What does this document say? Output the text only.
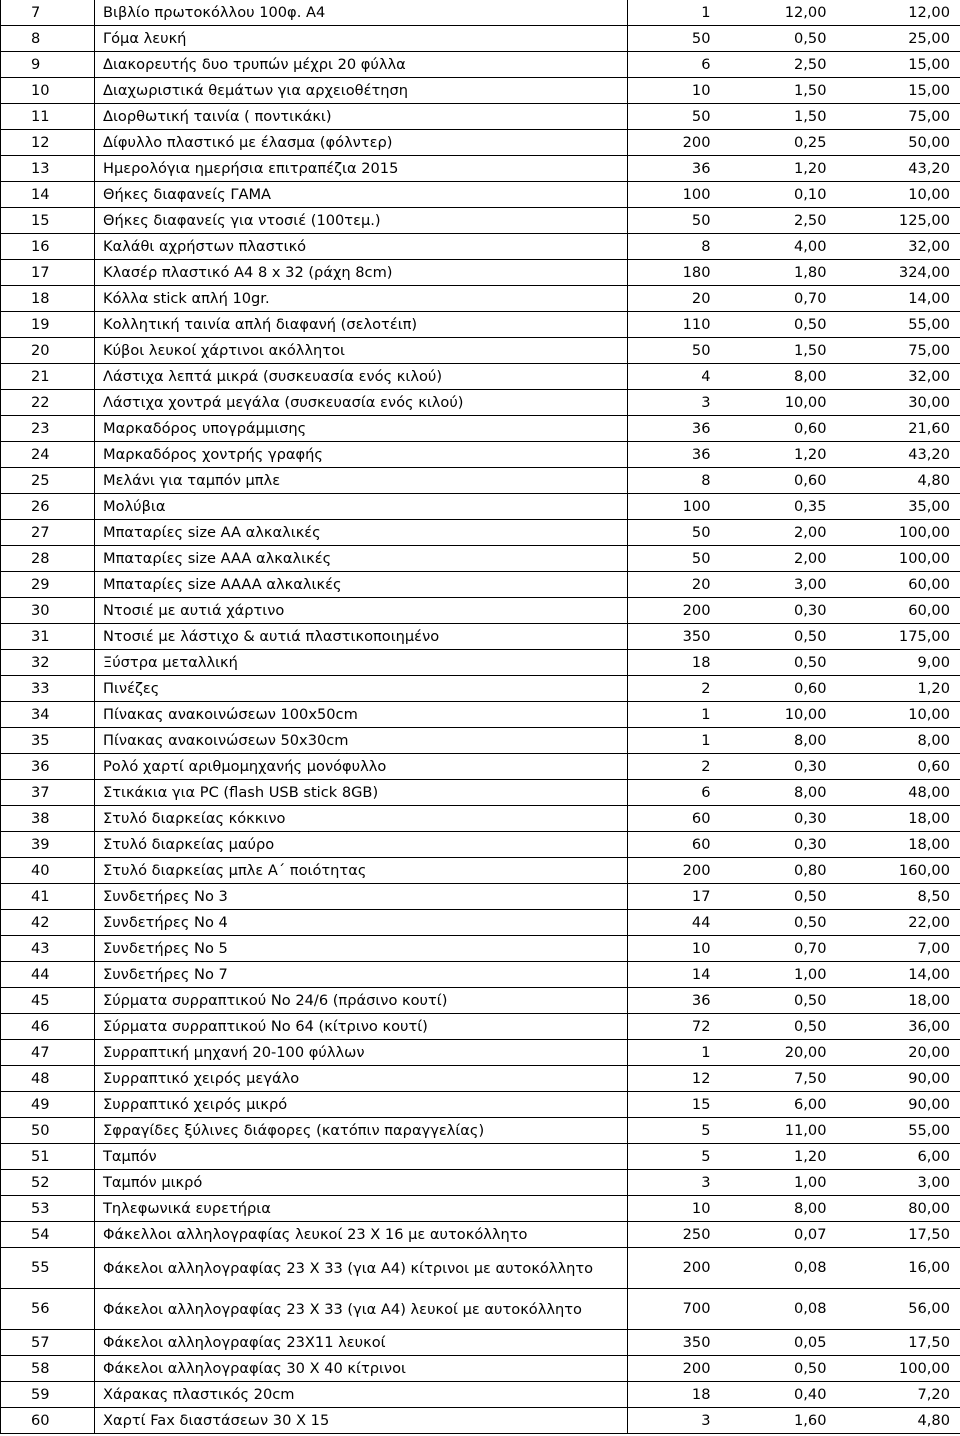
7	Βιβλίο πρωτοκόλλου 100φ. Α4	1	12,00	12,00
8	Γόμα λευκή	50	0,50	25,00
9	Διακορευτής δυο τρυπών μέχρι 20 φύλλα	6	2,50	15,00
10	Διαχωριστικά θεμάτων για αρχειοθέτηση	10	1,50	15,00
11	Διορθωτική ταινία ( ποντικάκι)	50	1,50	75,00
12	Δίφυλλο πλαστικό με έλασμα (φόλντερ)	200	0,25	50,00
13	Ημερολόγια ημερήσια επιτραπέζια 2015	36	1,20	43,20
14	Θήκες διαφανείς ΓΑΜΑ	100	0,10	10,00
15	Θήκες διαφανείς για ντοσιέ (100τεμ.)	50	2,50	125,00
16	Καλάθι αχρήστων πλαστικό	8	4,00	32,00
17	Κλασέρ πλαστικό Α4 8 x 32 (ράχη 8cm)	180	1,80	324,00
18	Κόλλα stick απλή 10gr.	20	0,70	14,00
19	Κολλητική ταινία απλή διαφανή (σελοτέιπ)	110	0,50	55,00
20	Κύβοι λευκοί χάρτινοι ακόλλητοι	50	1,50	75,00
21	Λάστιχα λεπτά μικρά (συσκευασία ενός κιλού)	4	8,00	32,00
22	Λάστιχα χοντρά μεγάλα (συσκευασία ενός κιλού)	3	10,00	30,00
23	Μαρκαδόρος υπογράμμισης	36	0,60	21,60
24	Μαρκαδόρος χοντρής γραφής	36	1,20	43,20
25	Μελάνι για ταμπόν μπλε	8	0,60	4,80
26	Μολύβια	100	0,35	35,00
27	Μπαταρίες size AA αλκαλικές	50	2,00	100,00
28	Μπαταρίες size AAA αλκαλικές	50	2,00	100,00
29	Μπαταρίες size AAAA αλκαλικές	20	3,00	60,00
30	Ντοσιέ με αυτιά χάρτινο	200	0,30	60,00
31	Ντοσιέ με λάστιχο & αυτιά πλαστικοποιημένο	350	0,50	175,00
32	Ξύστρα μεταλλική	18	0,50	9,00
33	Πινέζες	2	0,60	1,20
34	Πίνακας ανακοινώσεων 100x50cm	1	10,00	10,00
35	Πίνακας ανακοινώσεων 50x30cm	1	8,00	8,00
36	Ρολό χαρτί αριθμομηχανής μονόφυλλο	2	0,30	0,60
37	Στικάκια για PC (flash USB stick 8GB)	6	8,00	48,00
38	Στυλό διαρκείας κόκκινο	60	0,30	18,00
39	Στυλό διαρκείας μαύρο	60	0,30	18,00
40	Στυλό διαρκείας μπλε Α΄ ποιότητας	200	0,80	160,00
41	Συνδετήρες Νο 3	17	0,50	8,50
42	Συνδετήρες Νο 4	44	0,50	22,00
43	Συνδετήρες Νο 5	10	0,70	7,00
44	Συνδετήρες Νο 7	14	1,00	14,00
45	Σύρματα συρραπτικού Νο 24/6 (πράσινο κουτί)	36	0,50	18,00
46	Σύρματα συρραπτικού Νο 64 (κίτρινο κουτί)	72	0,50	36,00
47	Συρραπτική μηχανή 20-100 φύλλων	1	20,00	20,00
48	Συρραπτικό χειρός μεγάλο	12	7,50	90,00
49	Συρραπτικό χειρός μικρό	15	6,00	90,00
50	Σφραγίδες ξύλινες διάφορες (κατόπιν παραγγελίας)	5	11,00	55,00
51	Ταμπόν	5	1,20	6,00
52	Ταμπόν μικρό	3	1,00	3,00
53	Τηλεφωνικά ευρετήρια	10	8,00	80,00
54	Φάκελλοι αλληλογραφίας λευκοί 23 Χ 16 με αυτοκόλλητο	250	0,07	17,50
55	Φάκελοι αλληλογραφίας 23 Χ 33 (για Α4) κίτρινοι με αυτοκόλλητο	200	0,08	16,00
56	Φάκελοι αλληλογραφίας 23 Χ 33 (για Α4) λευκοί με αυτοκόλλητο	700	0,08	56,00
57	Φάκελοι αλληλογραφίας 23Χ11 λευκοί	350	0,05	17,50
58	Φάκελοι αλληλογραφίας 30 Χ 40 κίτρινοι	200	0,50	100,00
59	Χάρακας πλαστικός 20cm	18	0,40	7,20
60	Χαρτί Fax διαστάσεων 30 Χ 15	3	1,60	4,80
